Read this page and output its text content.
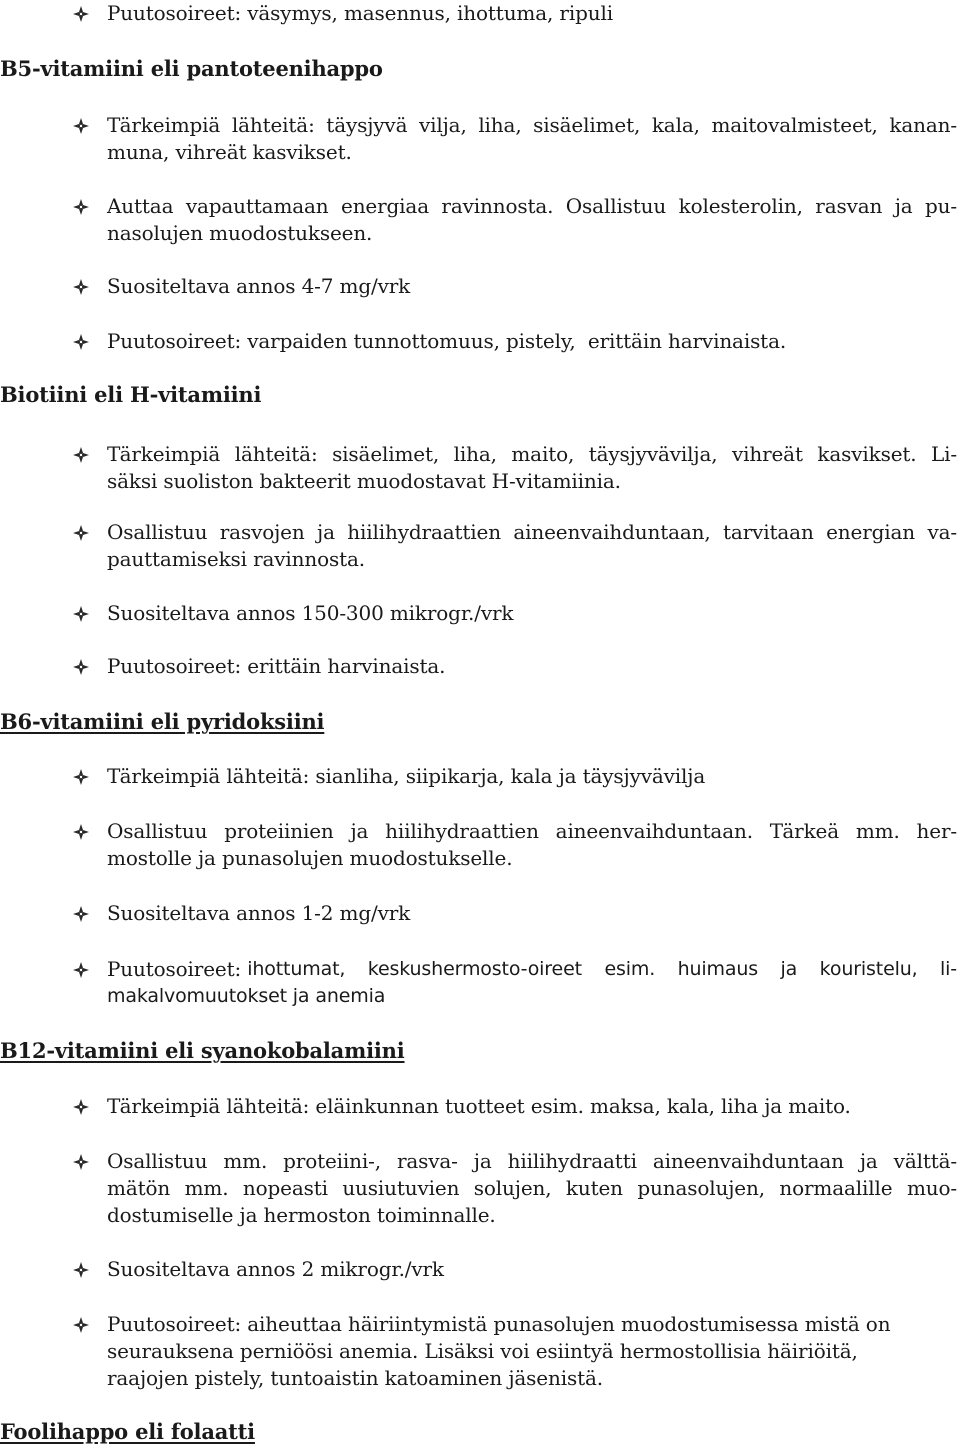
Puutosoireet: väsymys, masennus, ihottuma, ripuli
B5-vitamiini eli pantoteenihappo
Tärkeimpiä lähteitä: täysjyvä vilja, liha, sisäelimet, kala, maitovalmisteet, kanan-
muna, vihreät kasvikset.
Auttaa vapauttamaan energiaa ravinnosta. Osallistuu kolesterolin, rasvan ja pu-
nasolujen muodostukseen.
Suositeltava annos 4-7 mg/vrk
Puutosoireet: varpaiden tunnottomuus, pistely,  erittäin harvinaista.
Biotiini eli H-vitamiini
Tärkeimpiä lähteitä: sisäelimet, liha, maito, täysjyvävilja, vihreät kasvikset. Li-
säksi suoliston bakteerit muodostavat H-vitamiinia.
Osallistuu rasvojen ja hiilihydraattien aineenvaihduntaan, tarvitaan energian va-
pauttamiseksi ravinnosta.
Suositeltava annos 150-300 mikrogr./vrk
Puutosoireet: erittäin harvinaista.
B6-vitamiini eli pyridoksiini
Tärkeimpiä lähteitä: sianliha, siipikarja, kala ja täysjyvävilja
Osallistuu proteiinien ja hiilihydraattien aineenvaihduntaan. Tärkeä mm. her-
mostolle ja punasolujen muodostukselle.
Suositeltava annos 1-2 mg/vrk
Puutosoireet: ihottumat, keskushermosto-oireet esim. huimaus ja kouristelu, li-
makalvomuutokset ja anemia
B12-vitamiini eli syanokobalamiini
Tärkeimpiä lähteitä: eläinkunnan tuotteet esim. maksa, kala, liha ja maito.
Osallistuu mm. proteiini-, rasva- ja hiilihydraatti aineenvaihduntaan ja välttä-
mätön mm. nopeasti uusiutuvien solujen, kuten punasolujen, normaalille muo-
dostumiselle ja hermoston toiminnalle.
Suositeltava annos 2 mikrogr./vrk
Puutosoireet: aiheuttaa häiriintymistä punasolujen muodostumisessa mistä on
seurauksena perniöösi anemia. Lisäksi voi esiintyä hermostollisia häiriöitä,
raajojen pistely, tuntoaistin katoaminen jäsenistä.
Foolihappo eli folaatti
